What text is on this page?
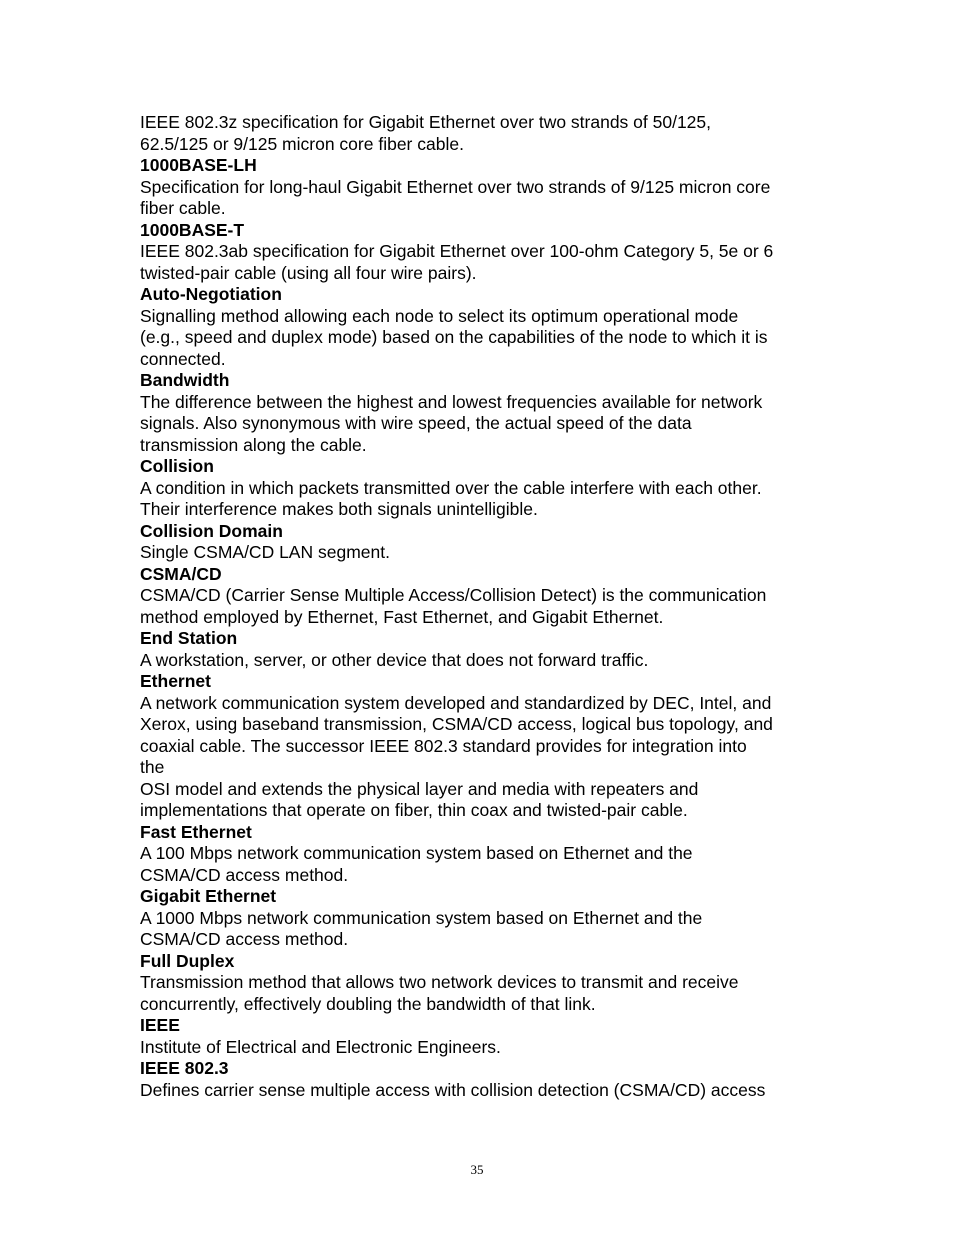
IEEE 802.3z specification for Gigabit Ethernet over two strands of 50/125,

62.5/125 or 9/125 micron core fiber cable.

1000BASE-LH

Specification for long-haul Gigabit Ethernet over two strands of 9/125 micron core

fiber cable.

1000BASE-T

IEEE 802.3ab specification for Gigabit Ethernet over 100-ohm Category 5, 5e or 6

twisted-pair cable (using all four wire pairs).

Auto-Negotiation

Signalling method allowing each node to select its optimum operational mode

(e.g., speed and duplex mode) based on the capabilities of the node to which it is

connected.

Bandwidth

The difference between the highest and lowest frequencies available for network

signals. Also synonymous with wire speed, the actual speed of the data

transmission along the cable.

Collision

A condition in which packets transmitted over the cable interfere with each other.

Their interference makes both signals unintelligible.

Collision Domain

Single CSMA/CD LAN segment.

CSMA/CD

CSMA/CD (Carrier Sense Multiple Access/Collision Detect) is the communication

method employed by Ethernet, Fast Ethernet, and Gigabit Ethernet.

End Station

A workstation, server, or other device that does not forward traffic.

Ethernet

A network communication system developed and standardized by DEC, Intel, and

Xerox, using baseband transmission, CSMA/CD access, logical bus topology, and

coaxial cable. The successor IEEE 802.3 standard provides for integration into

the

OSI model and extends the physical layer and media with repeaters and

implementations that operate on fiber, thin coax and twisted-pair cable.

Fast Ethernet

A 100 Mbps network communication system based on Ethernet and the

CSMA/CD access method.

Gigabit Ethernet

A 1000 Mbps network communication system based on Ethernet and the

CSMA/CD access method.

Full Duplex

Transmission method that allows two network devices to transmit and receive

concurrently, effectively doubling the bandwidth of that link.

IEEE

Institute of Electrical and Electronic Engineers.

IEEE 802.3

Defines carrier sense multiple access with collision detection (CSMA/CD) access

35
